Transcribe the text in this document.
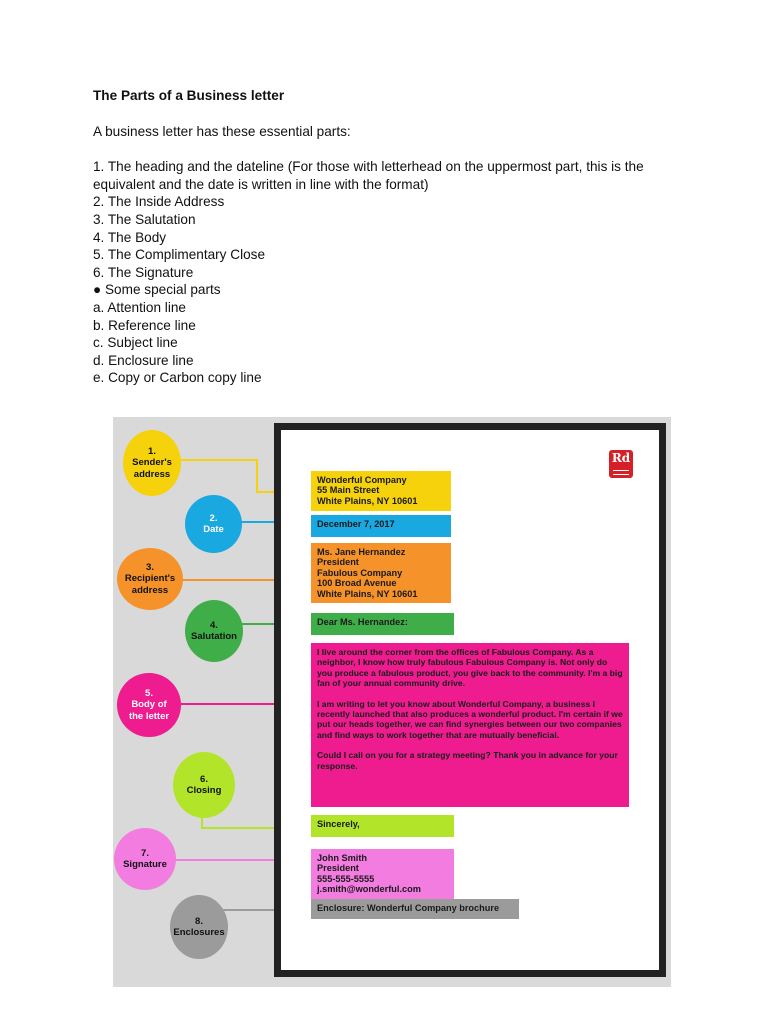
The Parts of a Business letter

A business letter has these essential parts:

1. The heading and the dateline (For those with letterhead on the uppermost part, this is the equivalent and the date is written in line with the format)
2. The Inside Address
3. The Salutation
4. The Body
5. The Complimentary Close
6. The Signature
● Some special parts
a. Attention line
b. Reference line
c. Subject line
d. Enclosure line
e. Copy or Carbon copy line
Rd
1.
Sender's
address
2.
Date
3.
Recipient's
address
4.
Salutation
5.
Body of
the letter
6.
Closing
7.
Signature
8.
Enclosures
Wonderful Company
55 Main Street
White Plains, NY 10601
December 7, 2017
Ms. Jane Hernandez
President
Fabulous Company
100 Broad Avenue
White Plains, NY 10601
Dear Ms. Hernandez:

I live around the corner from the offices of Fabulous Company. As a neighbor, I know how truly fabulous Fabulous Company is. Not only do you produce a fabulous product, you give back to the community. I'm a big fan of your annual community drive.

I am writing to let you know about Wonderful Company, a business I recently launched that also produces a wonderful product. I'm certain if we put our heads together, we can find synergies between our two companies and find ways to work together that are mutually beneficial.

Could I call on you for a strategy meeting? Thank you in advance for your response.

Sincerely,
John Smith
President
555-555-5555
j.smith@wonderful.com
Enclosure: Wonderful Company brochure
